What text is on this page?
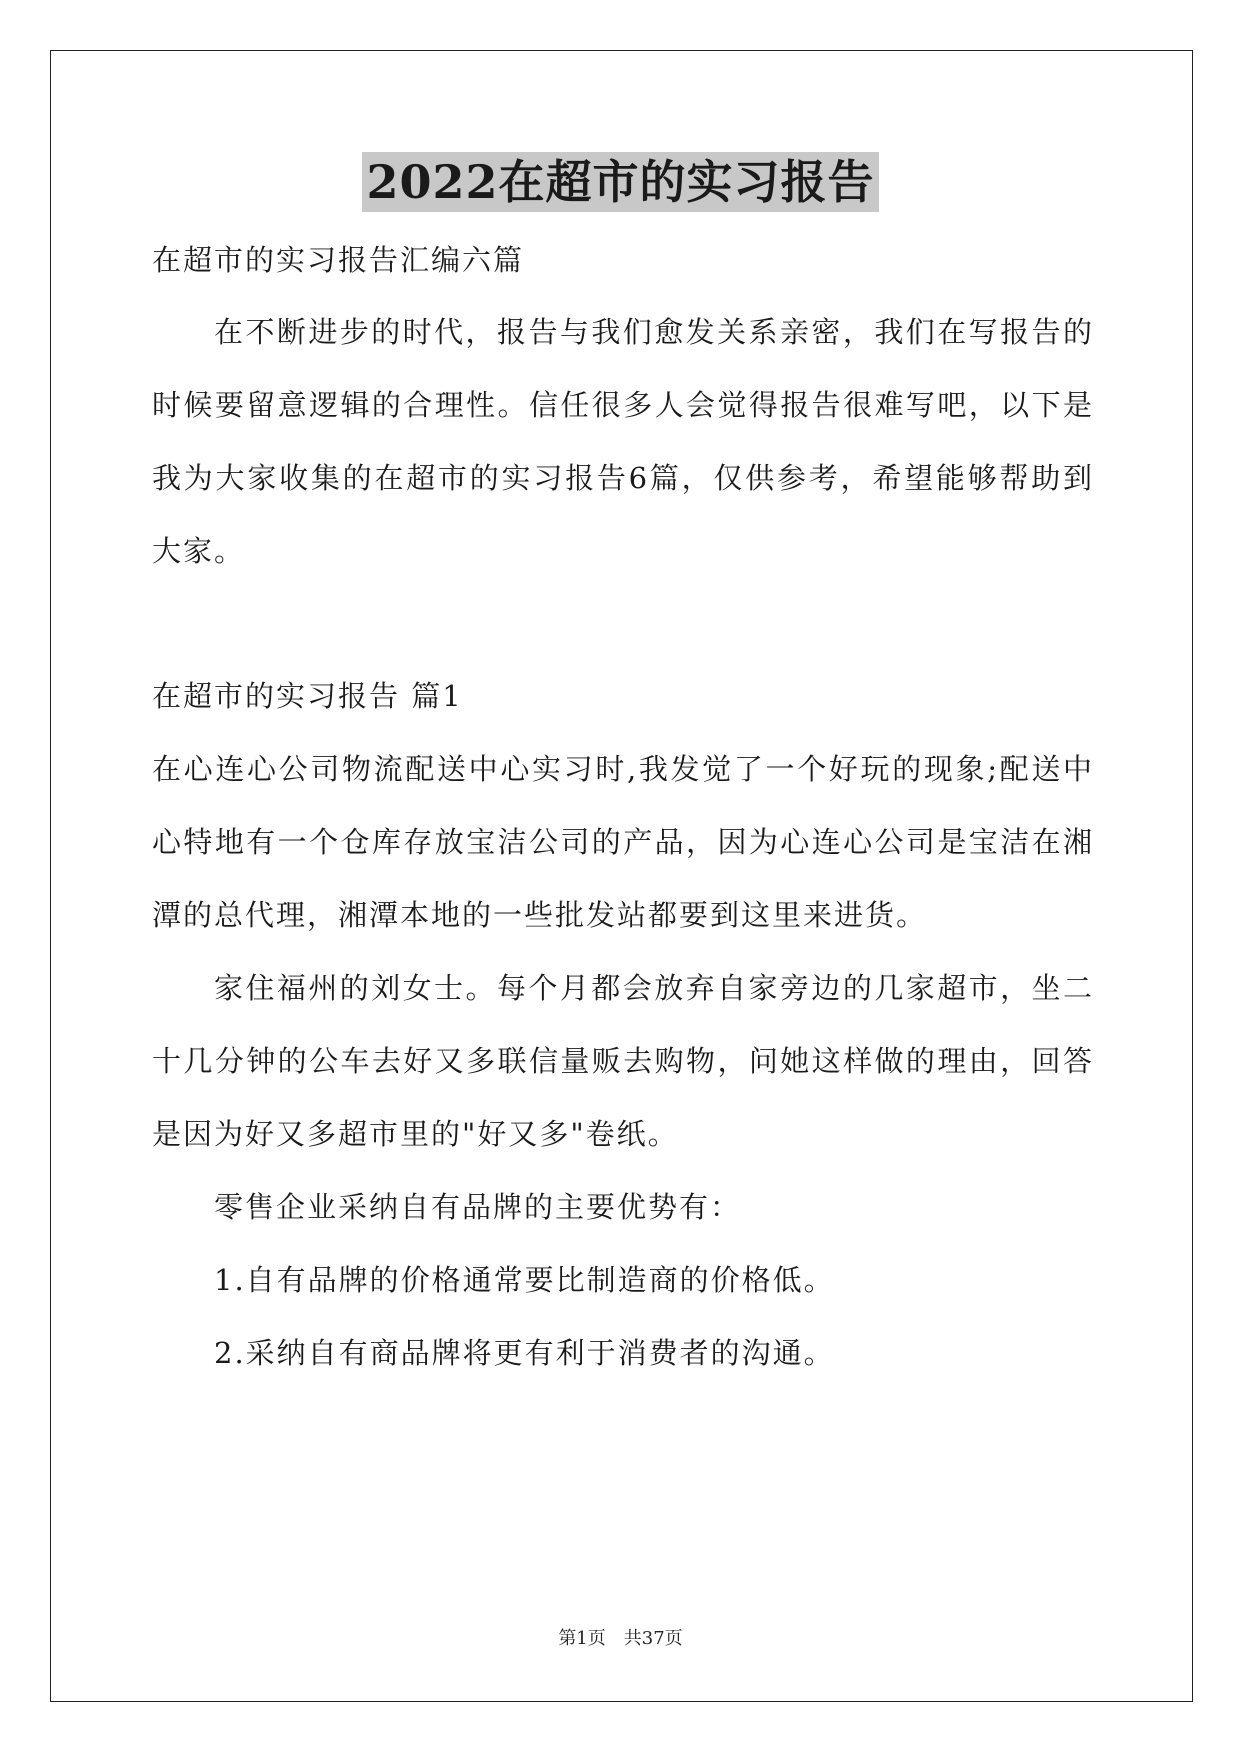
2022在超市的实习报告
在超市的实习报告汇编六篇
在不断进步的时代，报告与我们愈发关系亲密，我们在写报告的
时候要留意逻辑的合理性。信任很多人会觉得报告很难写吧，以下是
我为大家收集的在超市的实习报告6篇，仅供参考，希望能够帮助到
大家。
在超市的实习报告 篇1
在心连心公司物流配送中心实习时,我发觉了一个好玩的现象;配送中
心特地有一个仓库存放宝洁公司的产品，因为心连心公司是宝洁在湘
潭的总代理，湘潭本地的一些批发站都要到这里来进货。
家住福州的刘女士。每个月都会放弃自家旁边的几家超市，坐二
十几分钟的公车去好又多联信量贩去购物，问她这样做的理由，回答
是因为好又多超市里的"好又多"卷纸。
零售企业采纳自有品牌的主要优势有：
1.自有品牌的价格通常要比制造商的价格低。
2.采纳自有商品牌将更有利于消费者的沟通。
第1页　共37页
